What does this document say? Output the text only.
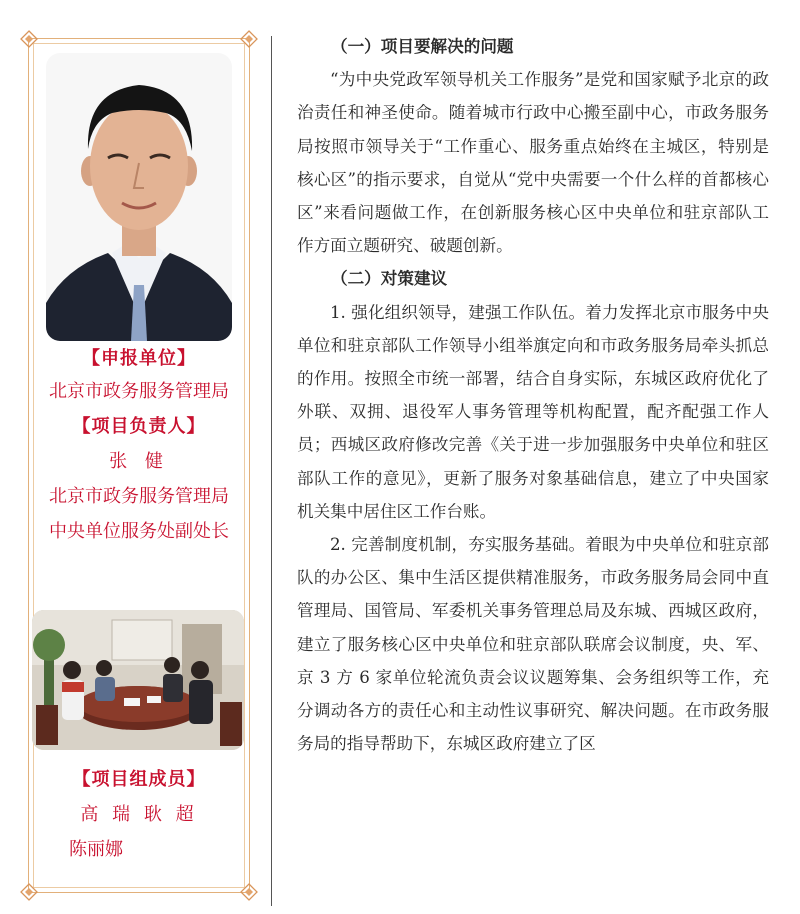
【申报单位】
北京市政务服务管理局
【项目负责人】
张 健
北京市政务服务管理局
中央单位服务处副处长
【项目组成员】
高 瑞 耿 超
陈丽娜
（一）项目要解决的问题

“为中央党政军领导机关工作服务”是党和国家赋予北京的政治责任和神圣使命。随着城市行政中心搬至副中心，市政务服务局按照市领导关于“工作重心、服务重点始终在主城区，特别是核心区”的指示要求，自觉从“党中央需要一个什么样的首都核心区”来看问题做工作，在创新服务核心区中央单位和驻京部队工作方面立题研究、破题创新。

（二）对策建议

1. 强化组织领导，建强工作队伍。着力发挥北京市服务中央单位和驻京部队工作领导小组举旗定向和市政务服务局牵头抓总的作用。按照全市统一部署，结合自身实际，东城区政府优化了外联、双拥、退役军人事务管理等机构配置，配齐配强工作人员；西城区政府修改完善《关于进一步加强服务中央单位和驻区部队工作的意见》，更新了服务对象基础信息，建立了中央国家机关集中居住区工作台账。

2. 完善制度机制，夯实服务基础。着眼为中央单位和驻京部队的办公区、集中生活区提供精准服务，市政务服务局会同中直管理局、国管局、军委机关事务管理总局及东城、西城区政府，建立了服务核心区中央单位和驻京部队联席会议制度，央、军、京 3 方 6 家单位轮流负责会议议题筹集、会务组织等工作，充分调动各方的责任心和主动性议事研究、解决问题。在市政务服务局的指导帮助下，东城区政府建立了区
